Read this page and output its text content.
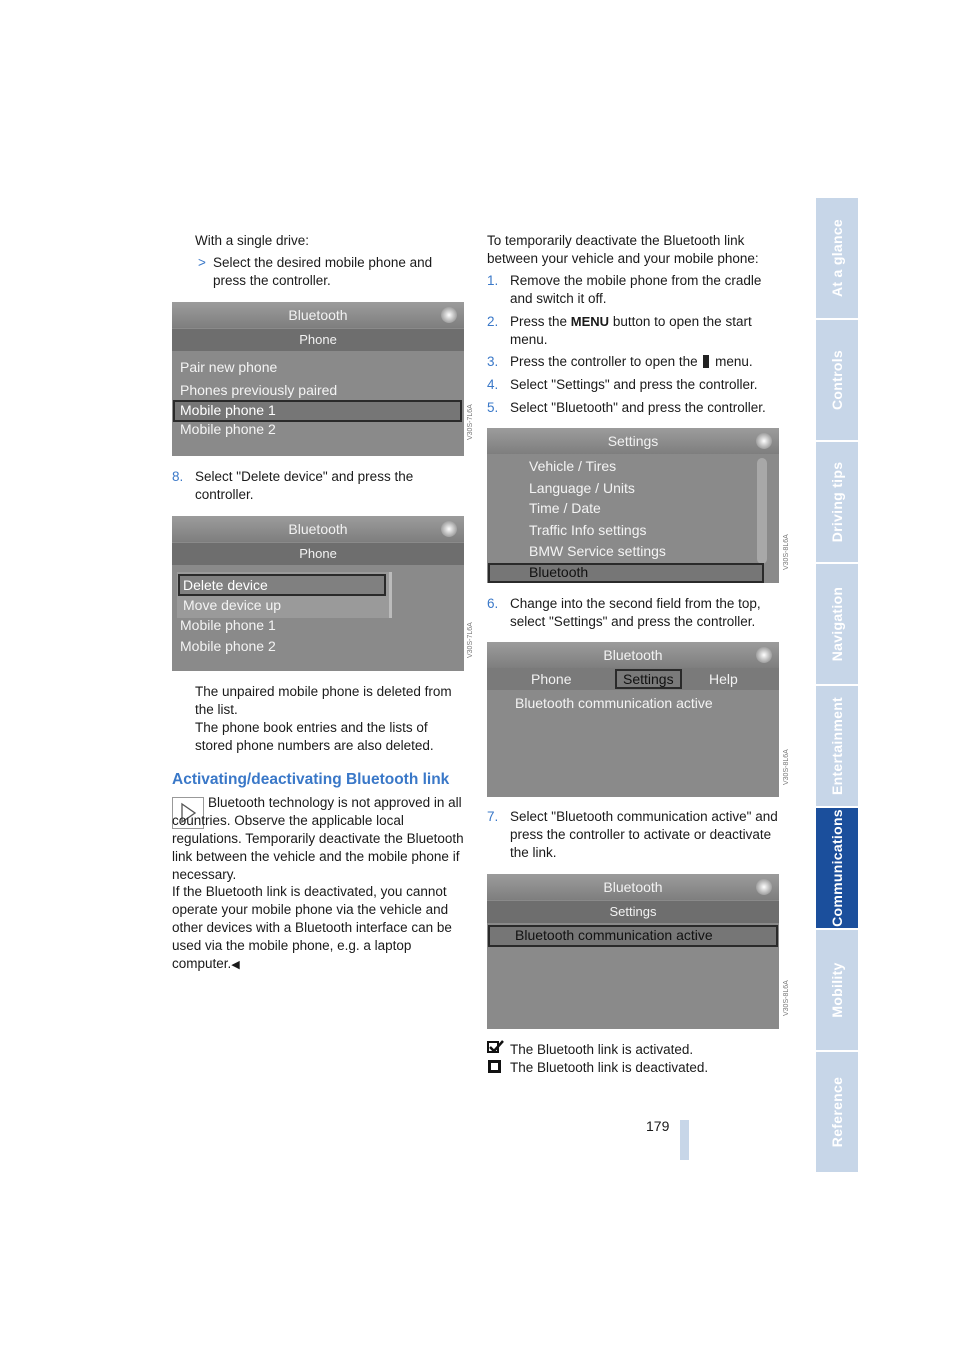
At a glance
Controls
Driving tips
Navigation
Entertainment
Communications
Mobility
Reference
179
With a single drive:
> Select the desired mobile phone and press the controller.
Bluetooth
Phone
Pair new phone
Phones previously paired
Mobile phone 1
Mobile phone 2	V30S-7L6A
8. Select "Delete device" and press the controller.
Bluetooth
Phone
Delete device
Move device up
Mobile phone 1
Mobile phone 2	V30S-7L6A
The unpaired mobile phone is deleted from the list.
The phone book entries and the lists of stored phone numbers are also deleted.
Activating/deactivating Bluetooth link
Bluetooth technology is not approved in all countries. Observe the applicable local regulations. Temporarily deactivate the Bluetooth link between the vehicle and the mobile phone if necessary.
If the Bluetooth link is deactivated, you cannot operate your mobile phone via the vehicle and other devices with a Bluetooth interface can be used via the mobile phone, e.g. a laptop computer.◀
To temporarily deactivate the Bluetooth link between your vehicle and your mobile phone:
1. Remove the mobile phone from the cradle and switch it off.
2. Press the MENU button to open the start menu.
3. Press the controller to open the menu.
4. Select "Settings" and press the controller.
5. Select "Bluetooth" and press the controller.
Settings
Vehicle / Tires
Language / Units
Time / Date
Traffic Info settings
BMW Service settings
Bluetooth
V30S-8L6A
6. Change into the second field from the top, select "Settings" and press the controller.
Bluetooth
Phone	Settings	Help
Bluetooth communication active
V30S-8L6A
7. Select "Bluetooth communication active" and press the controller to activate or deactivate the link.
Bluetooth
Settings
Bluetooth communication active
V30S-8L6A
The Bluetooth link is activated.
The Bluetooth link is deactivated.
